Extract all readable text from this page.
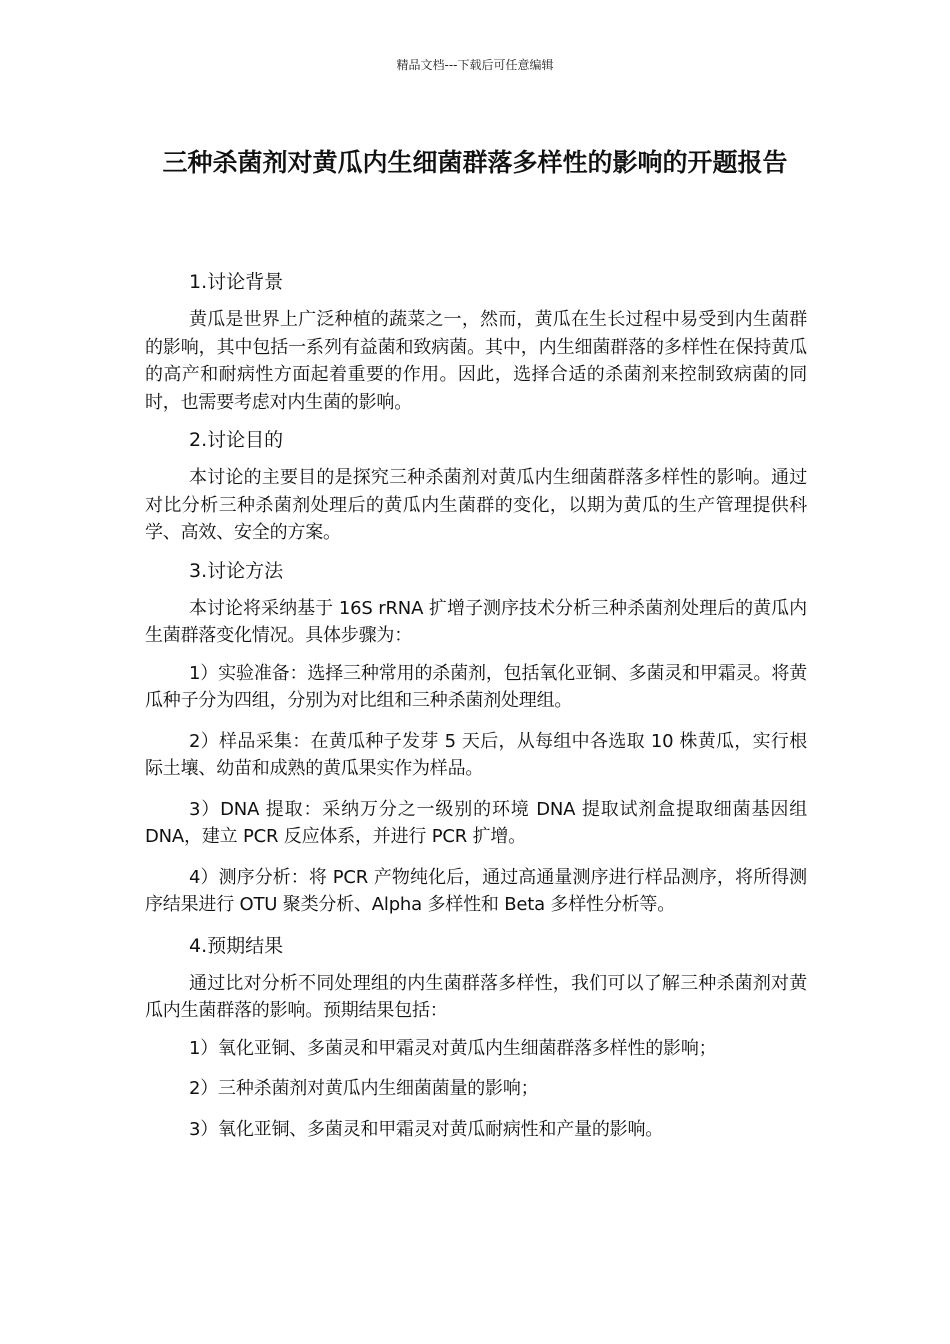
精品文档---下载后可任意编辑
三种杀菌剂对黄瓜内生细菌群落多样性的影响的开题报告

1.讨论背景

黄瓜是世界上广泛种植的蔬菜之一，然而，黄瓜在生长过程中易受到内生菌群的影响，其中包括一系列有益菌和致病菌。其中，内生细菌群落的多样性在保持黄瓜的高产和耐病性方面起着重要的作用。因此，选择合适的杀菌剂来控制致病菌的同时，也需要考虑对内生菌的影响。

2.讨论目的

本讨论的主要目的是探究三种杀菌剂对黄瓜内生细菌群落多样性的影响。通过对比分析三种杀菌剂处理后的黄瓜内生菌群的变化，以期为黄瓜的生产管理提供科学、高效、安全的方案。

3.讨论方法

本讨论将采纳基于 16S rRNA 扩增子测序技术分析三种杀菌剂处理后的黄瓜内生菌群落变化情况。具体步骤为：

1）实验准备：选择三种常用的杀菌剂，包括氧化亚铜、多菌灵和甲霜灵。将黄瓜种子分为四组，分别为对比组和三种杀菌剂处理组。

2）样品采集：在黄瓜种子发芽 5 天后，从每组中各选取 10 株黄瓜，实行根际土壤、幼苗和成熟的黄瓜果实作为样品。

3）DNA 提取：采纳万分之一级别的环境 DNA 提取试剂盒提取细菌基因组 DNA，建立 PCR 反应体系，并进行 PCR 扩增。

4）测序分析：将 PCR 产物纯化后，通过高通量测序进行样品测序，将所得测序结果进行 OTU 聚类分析、Alpha 多样性和 Beta 多样性分析等。

4.预期结果

通过比对分析不同处理组的内生菌群落多样性，我们可以了解三种杀菌剂对黄瓜内生菌群落的影响。预期结果包括：

1）氧化亚铜、多菌灵和甲霜灵对黄瓜内生细菌群落多样性的影响；

2）三种杀菌剂对黄瓜内生细菌菌量的影响；

3）氧化亚铜、多菌灵和甲霜灵对黄瓜耐病性和产量的影响。
